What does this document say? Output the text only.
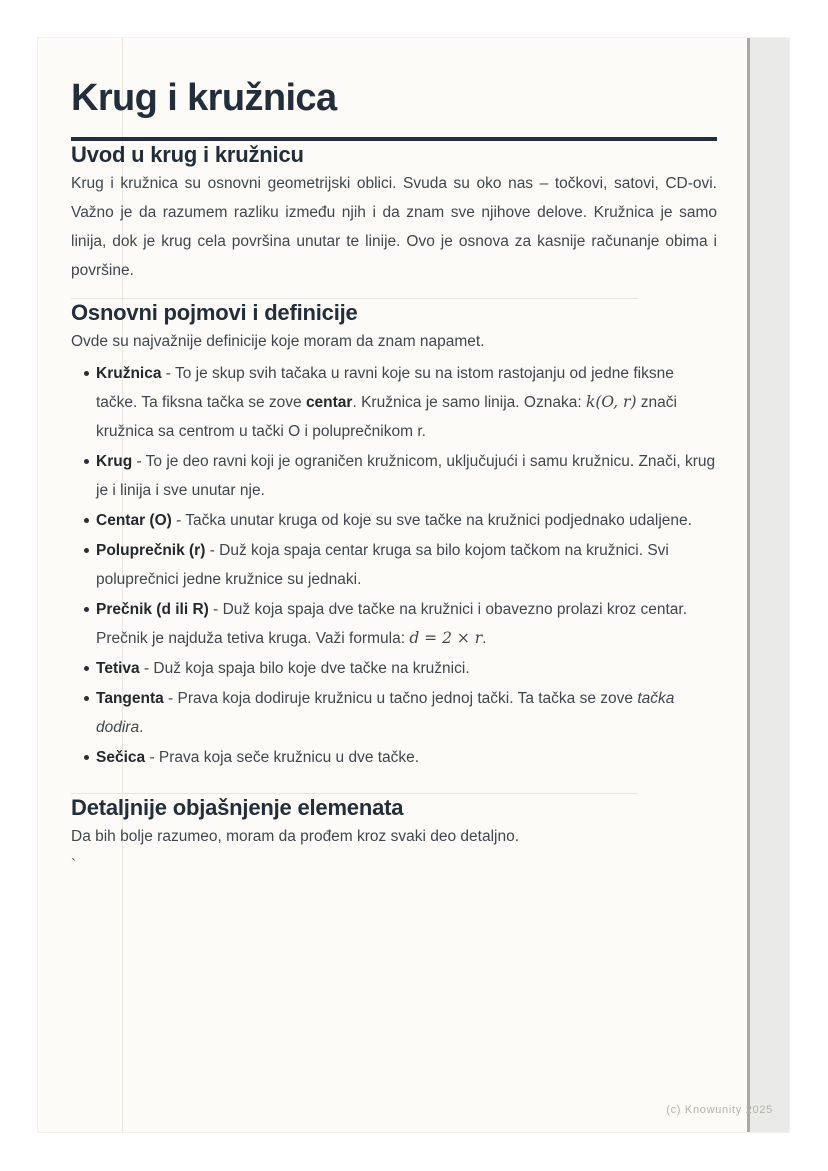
Krug i kružnica
Uvod u krug i kružnicu

Krug i kružnica su osnovni geometrijski oblici. Svuda su oko nas – točkovi, satovi, CD-ovi. Važno je da razumem razliku između njih i da znam sve njihove delove. Kružnica je samo linija, dok je krug cela površina unutar te linije. Ovo je osnova za kasnije računanje obima i površine.

Osnovni pojmovi i definicije

Ovde su najvažnije definicije koje moram da znam napamet.

Kružnica - To je skup svih tačaka u ravni koje su na istom rastojanju od jedne fiksne tačke. Ta fiksna tačka se zove centar. Kružnica je samo linija. Oznaka: k(O, r) znači kružnica sa centrom u tački O i poluprečnikom r.
Krug - To je deo ravni koji je ograničen kružnicom, uključujući i samu kružnicu. Znači, krug je i linija i sve unutar nje.
Centar (O) - Tačka unutar kruga od koje su sve tačke na kružnici podjednako udaljene.
Poluprečnik (r) - Duž koja spaja centar kruga sa bilo kojom tačkom na kružnici. Svi poluprečnici jedne kružnice su jednaki.
Prečnik (d ili R) - Duž koja spaja dve tačke na kružnici i obavezno prolazi kroz centar. Prečnik je najduža tetiva kruga. Važi formula: d = 2 × r.
Tetiva - Duž koja spaja bilo koje dve tačke na kružnici.
Tangenta - Prava koja dodiruje kružnicu u tačno jednoj tački. Ta tačka se zove tačka dodira.
Sečica - Prava koja seče kružnicu u dve tačke.
Detaljnije objašnjenje elemenata

Da bih bolje razumeo, moram da prođem kroz svaki deo detaljno.

`

(c) Knowunity 2025
